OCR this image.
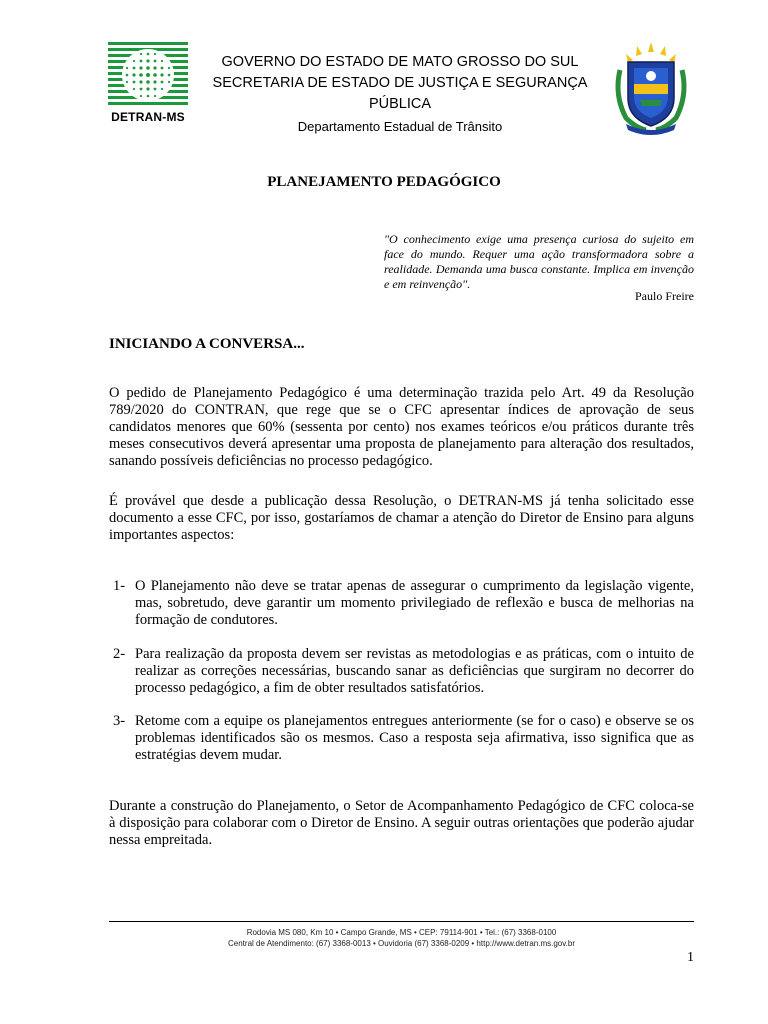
DETRAN-MS
GOVERNO DO ESTADO DE MATO GROSSO DO SUL
SECRETARIA DE ESTADO DE JUSTIÇA E SEGURANÇA PÚBLICA
Departamento Estadual de Trânsito
PLANEJAMENTO PEDAGÓGICO
"O conhecimento exige uma presença curiosa do sujeito em face do mundo. Requer uma ação transformadora sobre a realidade. Demanda uma busca constante. Implica em invenção e em reinvenção".
Paulo Freire
INICIANDO A CONVERSA...

O pedido de Planejamento Pedagógico é uma determinação trazida pelo Art. 49 da Resolução 789/2020 do CONTRAN, que rege que se o CFC apresentar índices de aprovação de seus candidatos menores que 60% (sessenta por cento) nos exames teóricos e/ou práticos durante três meses consecutivos deverá apresentar uma proposta de planejamento para alteração dos resultados, sanando possíveis deficiências no processo pedagógico.

É provável que desde a publicação dessa Resolução, o DETRAN-MS já tenha solicitado esse documento a esse CFC, por isso, gostaríamos de chamar a atenção do Diretor de Ensino para alguns importantes aspectos:

1- O Planejamento não deve se tratar apenas de assegurar o cumprimento da legislação vigente, mas, sobretudo, deve garantir um momento privilegiado de reflexão e busca de melhorias na formação de condutores.
2- Para realização da proposta devem ser revistas as metodologias e as práticas, com o intuito de realizar as correções necessárias, buscando sanar as deficiências que surgiram no decorrer do processo pedagógico, a fim de obter resultados satisfatórios.
3- Retome com a equipe os planejamentos entregues anteriormente (se for o caso) e observe se os problemas identificados são os mesmos. Caso a resposta seja afirmativa, isso significa que as estratégias devem mudar.

Durante a construção do Planejamento, o Setor de Acompanhamento Pedagógico de CFC coloca-se à disposição para colaborar com o Diretor de Ensino. A seguir outras orientações que poderão ajudar nessa empreitada.

Rodovia MS 080, Km 10 • Campo Grande, MS • CEP: 79114-901 • Tel.: (67) 3368-0100
Central de Atendimento: (67) 3368-0013 • Ouvidoria (67) 3368-0209 • http://www.detran.ms.gov.br
1
